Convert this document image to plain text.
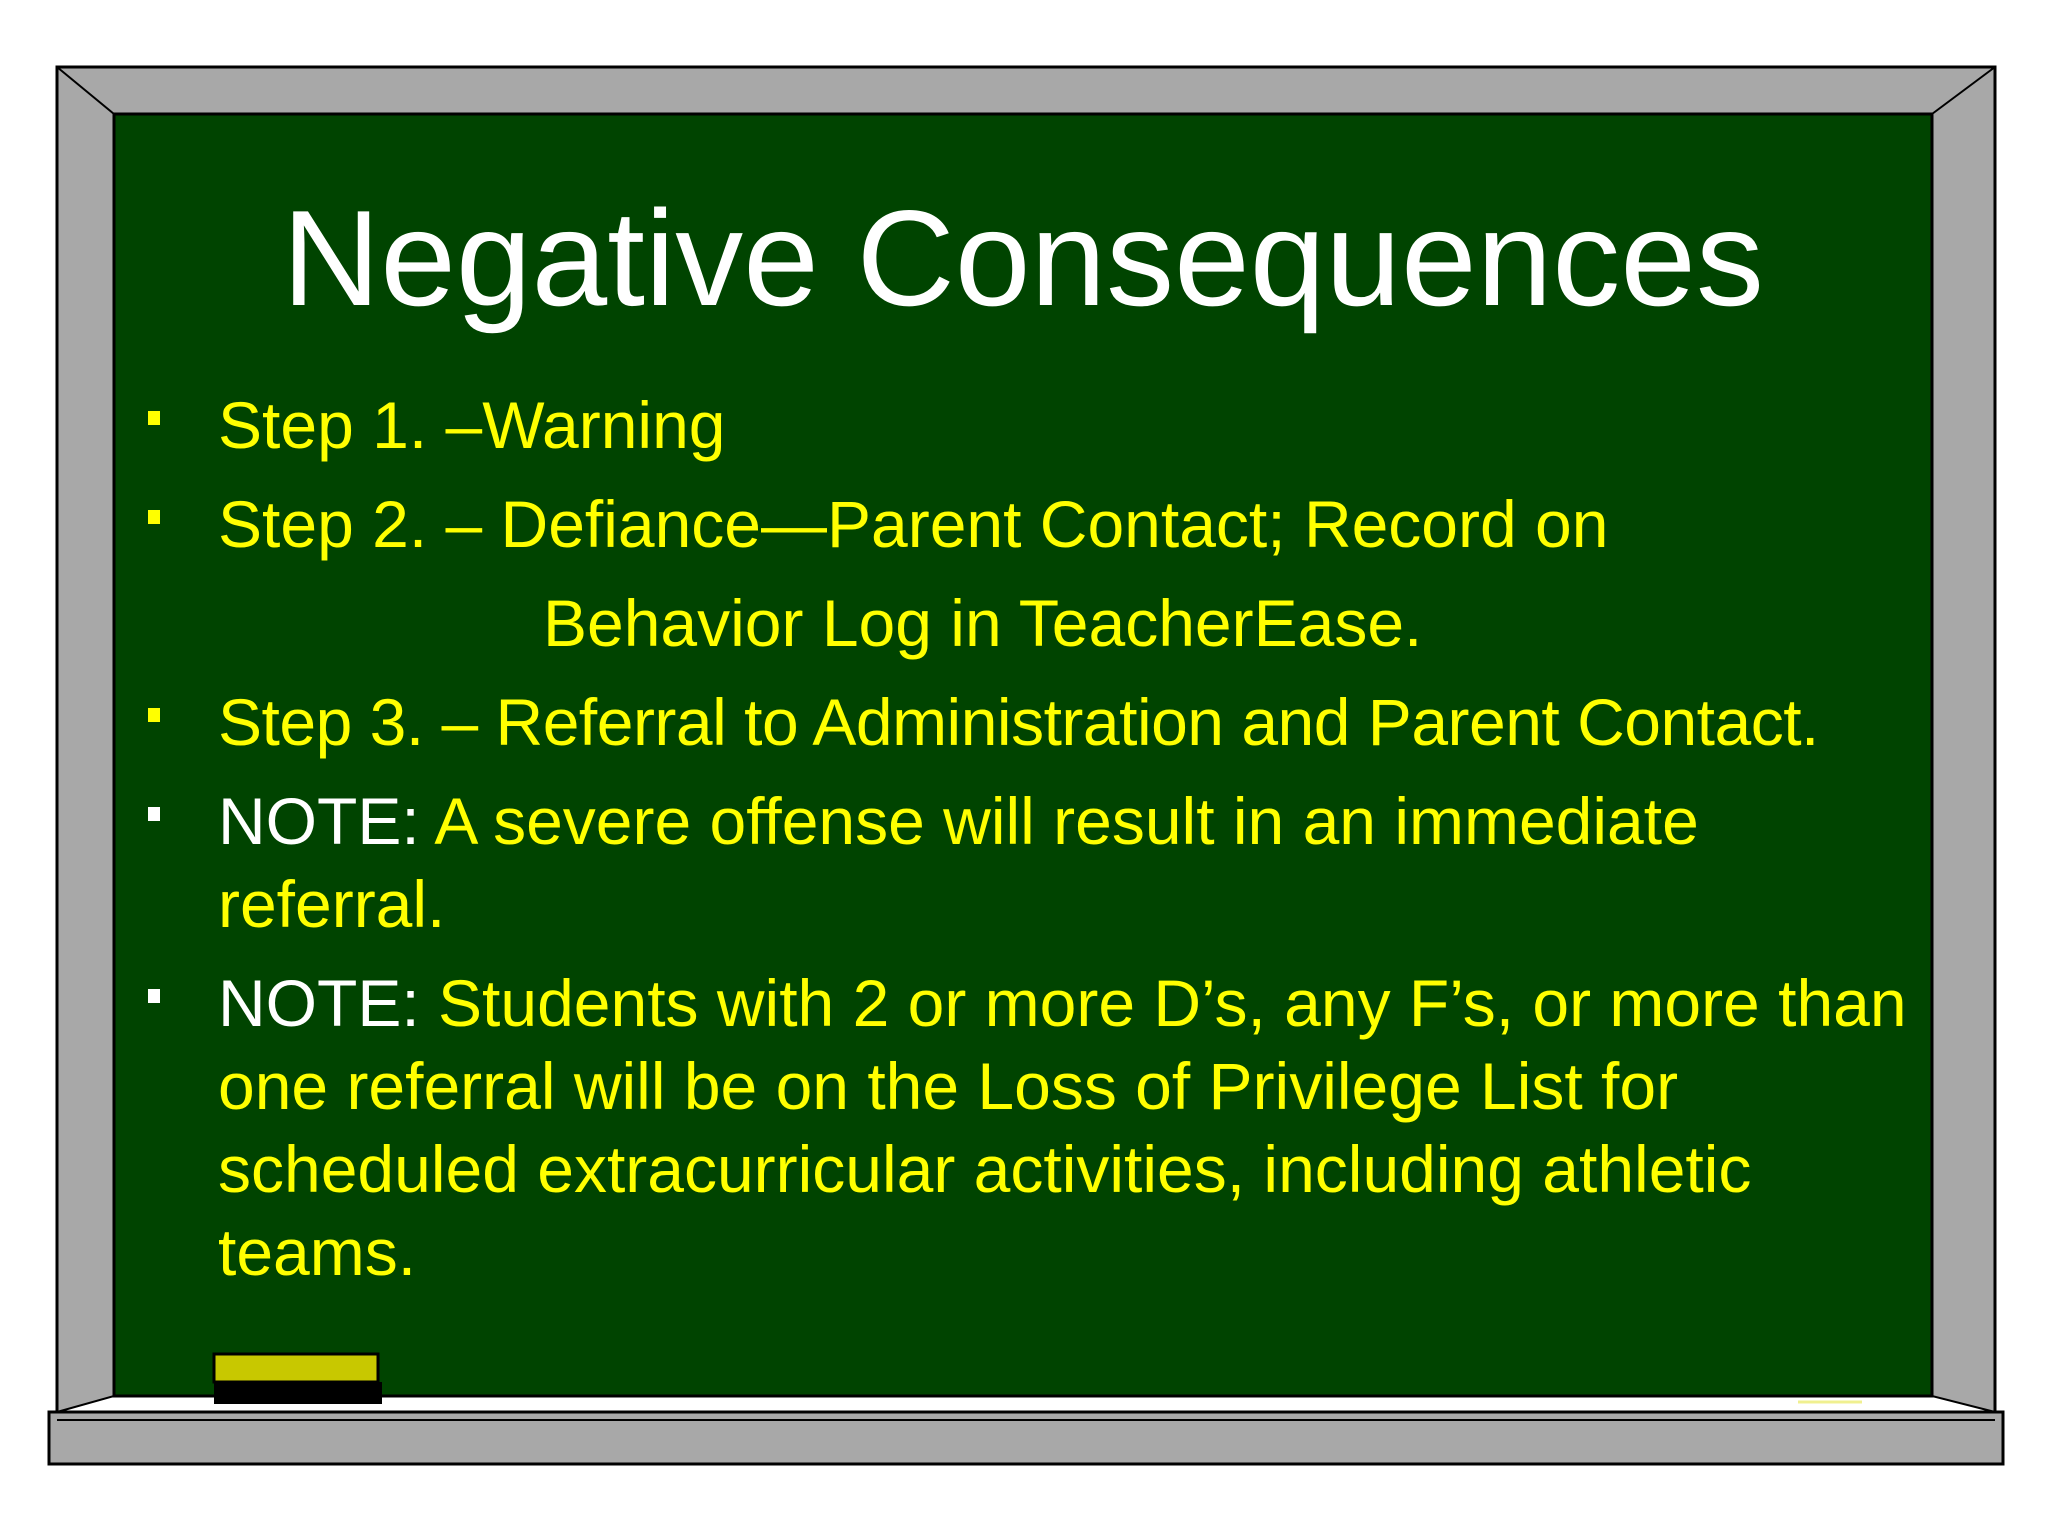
Negative Consequences
Step 1. –Warning
Step 2. – Defiance—Parent Contact; Record on
Behavior Log in TeacherEase.
Step 3. – Referral to Administration and Parent Contact.
NOTE: A severe offense will result in an immediate referral.
NOTE: Students with 2 or more D’s, any F’s, or more than one referral will be on the Loss of Privilege List for scheduled extracurricular activities, including athletic teams.
